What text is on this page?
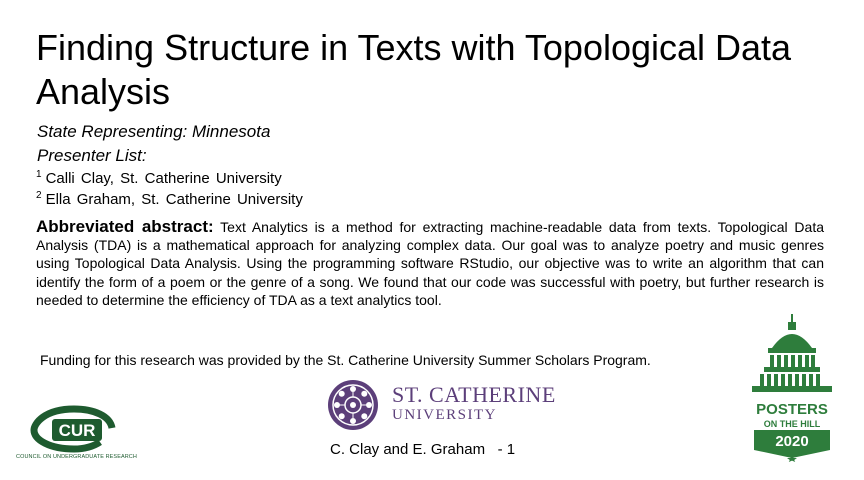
Finding Structure in Texts with Topological Data Analysis
State Representing: Minnesota
Presenter List:
$^1$ Calli Clay, St. Catherine University
$^2$ Ella Graham, St. Catherine University

Abbreviated abstract: Text Analytics is a method for extracting machine-readable data from texts. Topological Data Analysis (TDA) is a mathematical approach for analyzing complex data. Our goal was to analyze poetry and music genres using Topological Data Analysis. Using the programming software RStudio, our objective was to write an algorithm that can identify the form of a poem or the genre of a song. We found that our code was successful with poetry, but further research is needed to determine the efficiency of TDA as a text analytics tool.

Funding for this research was provided by the St. Catherine University Summer Scholars Program.
ST. CATHERINE
UNIVERSITY
CUR
COUNCIL ON UNDERGRADUATE RESEARCH
POSTERS
ON THE HILL
2020
C. Clay and E. Graham   - 1
